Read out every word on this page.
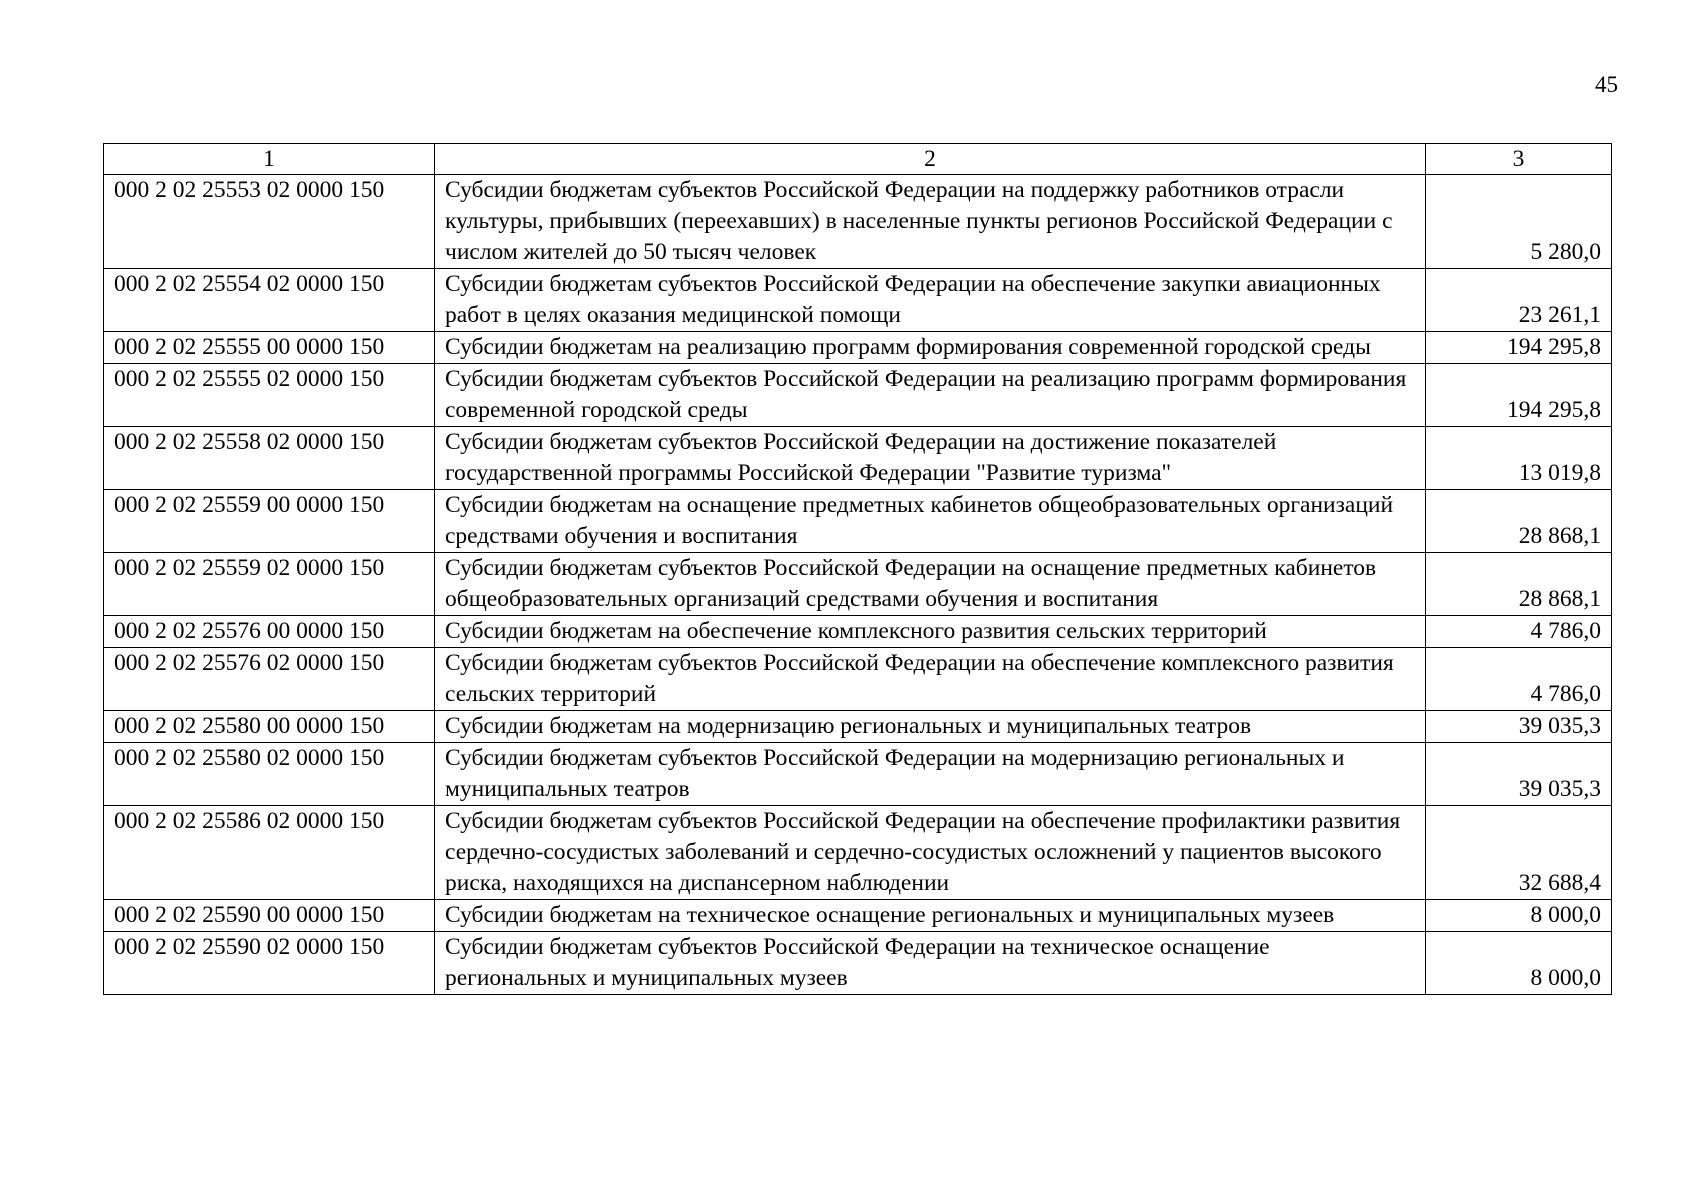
45
1	2	3
000 2 02 25553 02 0000 150	Субсидии бюджетам субъектов Российской Федерации на поддержку работников отрасли культуры, прибывших (переехавших) в населенные пункты регионов Российской Федерации с числом жителей до 50 тысяч человек	5 280,0
000 2 02 25554 02 0000 150	Субсидии бюджетам субъектов Российской Федерации на обеспечение закупки авиационных работ в целях оказания медицинской помощи	23 261,1
000 2 02 25555 00 0000 150	Субсидии бюджетам на реализацию программ формирования современной городской среды	194 295,8
000 2 02 25555 02 0000 150	Субсидии бюджетам субъектов Российской Федерации на реализацию программ формирования современной городской среды	194 295,8
000 2 02 25558 02 0000 150	Субсидии бюджетам субъектов Российской Федерации на достижение показателей государственной программы Российской Федерации "Развитие туризма"	13 019,8
000 2 02 25559 00 0000 150	Субсидии бюджетам на оснащение предметных кабинетов общеобразовательных организаций средствами обучения и воспитания	28 868,1
000 2 02 25559 02 0000 150	Субсидии бюджетам субъектов Российской Федерации на оснащение предметных кабинетов общеобразовательных организаций средствами обучения и воспитания	28 868,1
000 2 02 25576 00 0000 150	Субсидии бюджетам на обеспечение комплексного развития сельских территорий	4 786,0
000 2 02 25576 02 0000 150	Субсидии бюджетам субъектов Российской Федерации на обеспечение комплексного развития сельских территорий	4 786,0
000 2 02 25580 00 0000 150	Субсидии бюджетам на модернизацию региональных и муниципальных театров	39 035,3
000 2 02 25580 02 0000 150	Субсидии бюджетам субъектов Российской Федерации на модернизацию региональных и муниципальных театров	39 035,3
000 2 02 25586 02 0000 150	Субсидии бюджетам субъектов Российской Федерации на обеспечение профилактики развития сердечно-сосудистых заболеваний и сердечно-сосудистых осложнений у пациентов высокого риска, находящихся на диспансерном наблюдении	32 688,4
000 2 02 25590 00 0000 150	Субсидии бюджетам на техническое оснащение региональных и муниципальных музеев	8 000,0
000 2 02 25590 02 0000 150	Субсидии бюджетам субъектов Российской Федерации на техническое оснащение региональных и муниципальных музеев	8 000,0
